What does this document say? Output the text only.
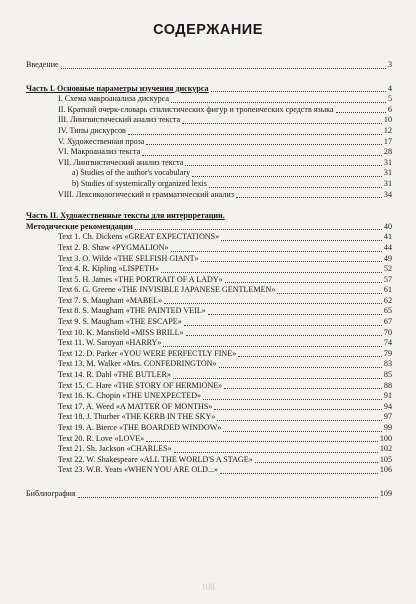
СОДЕРЖАНИЕ
Введение	3
Часть I. Основные параметры изучения дискурса	4
I. Схема макроанализа дискурса	5
II. Краткий очерк-словарь стилистических фигур и тропеических средств языка	6
III. Лингвистический анализ текста	10
IV. Типы дискурсов	12
V. Художественная проза	17
VI. Макроанализ текста	28
VII. Лингвистический анализ текста	31
a) Studies of the author's vocabulary	31
b) Studies of systemically organized lexis	31
VIII. Лексикологический и грамматический анализ	34
Часть II. Художественные тексты для интерпретации.
Методические рекомендации	40
Text 1. Ch. Dickens «GREAT EXPECTATIONS»	41
Text 2. B. Shaw «PYGMALION»	44
Text 3. O. Wilde «THE SELFISH GIANT»	49
Text 4. R. Kipling «LISPETH»	52
Text 5. H. James «THE PORTRAIT OF A LADY»	57
Text 6. G. Greene «THE INVISIBLE JAPANESE GENTLEMEN»	61
Text 7. S. Maugham «MABEL»	62
Text 8. S. Maugham «THE PAINTED VEIL»	65
Text 9. S. Maugham «THE ESCAPE»	67
Text 10. K. Mansfield «MISS BRILL»	70
Text 11. W. Saroyan «HARRY»	74
Text 12. D. Parker «YOU WERE PERFECTLY FINE»	79
Text 13. M. Walker «Mrs. CONFEDRINGTON»	83
Text 14. R. Dahl «THE BUTLER»	85
Text 15. C. Hare «THE STORY OF HERMIONE»	88
Text 16. K. Chopin «THE UNEXPECTED»	91
Text 17. A. Weed «A MATTER OF MONTHS»	94
Text 18. J. Thurber «THE KERB IN THE SKY»	97
Text 19. A. Bierce «THE BOARDED WINDOW»	99
Text 20. R. Love «LOVE»	100
Text 21. Sh. Jackson «CHARLES»	102
Text 22. W. Shakespeare «ALL THE WORLD'S A STAGE»	105
Text 23. W.B. Yeats «WHEN YOU ARE OLD...»	106
Библиография	109
108
